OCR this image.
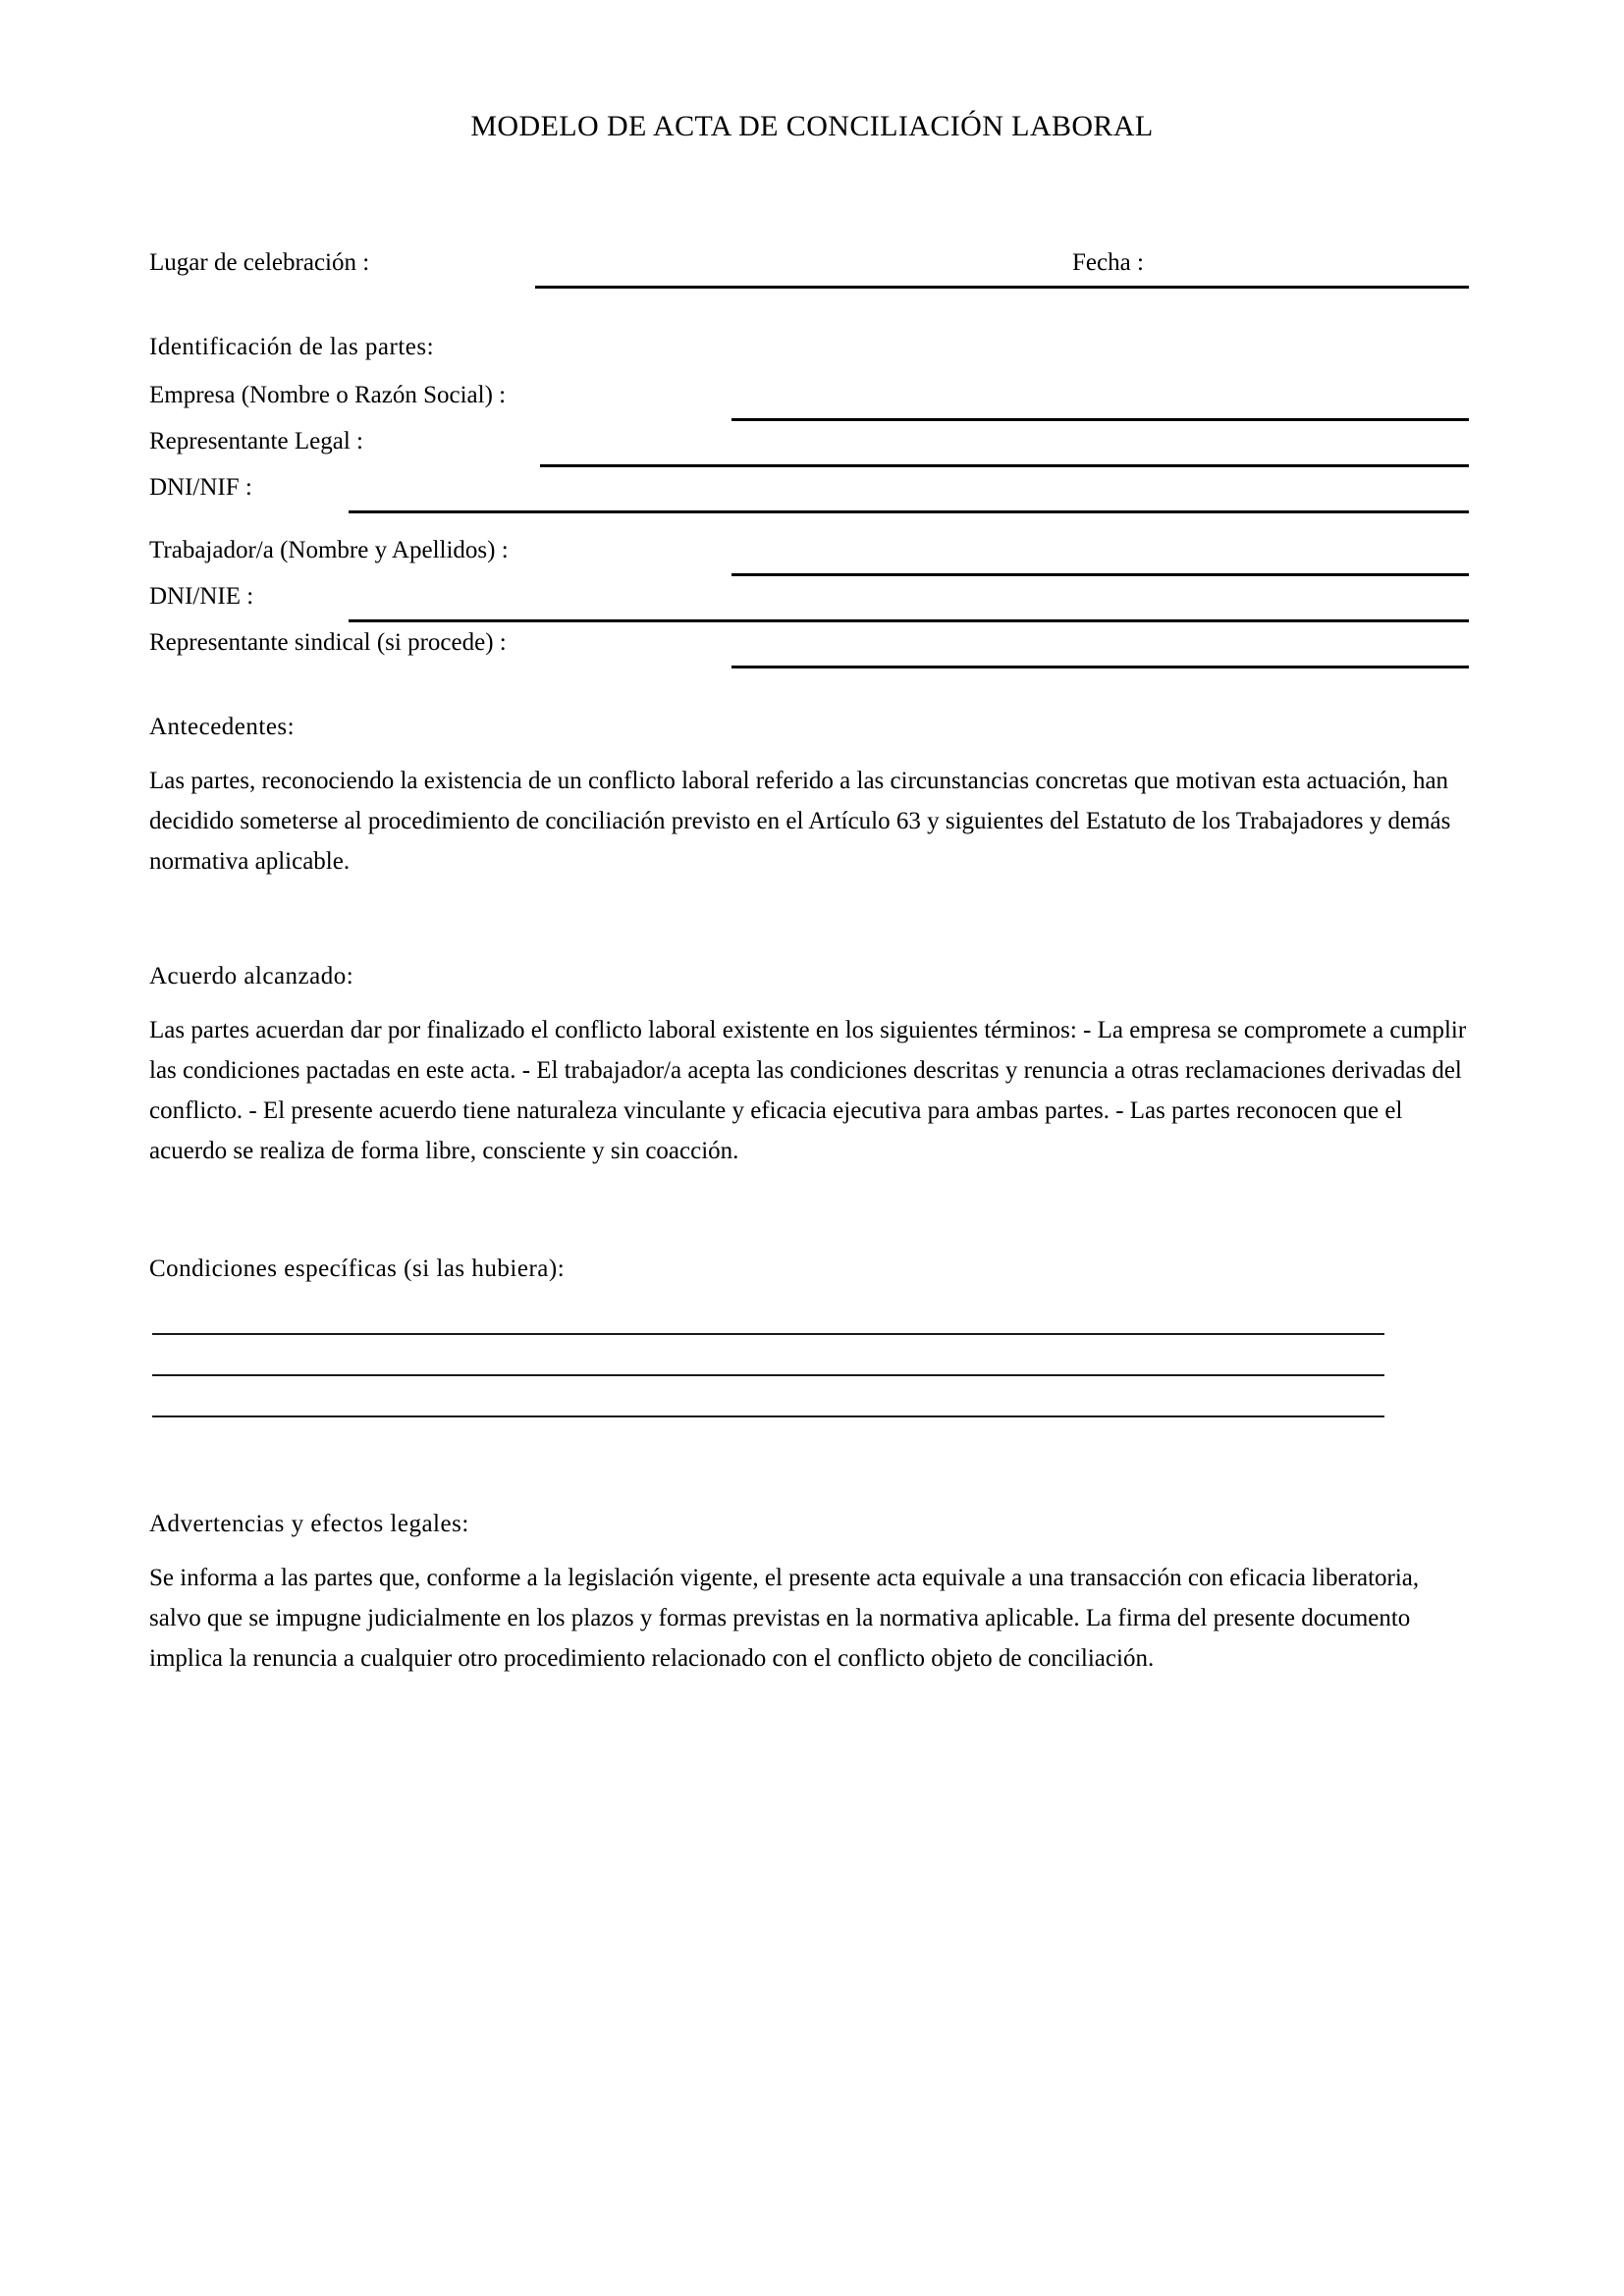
MODELO DE ACTA DE CONCILIACIÓN LABORAL
Lugar de celebración :	Fecha :
Identificación de las partes:
Empresa (Nombre o Razón Social) :
Representante Legal :
DNI/NIF :
Trabajador/a (Nombre y Apellidos) :
DNI/NIE :
Representante sindical (si procede) :
Antecedentes:
Las partes, reconociendo la existencia de un conflicto laboral referido a las circunstancias concretas que motivan esta actuación, han decidido someterse al procedimiento de conciliación previsto en el Artículo 63 y siguientes del Estatuto de los Trabajadores y demás normativa aplicable.
Acuerdo alcanzado:
Las partes acuerdan dar por finalizado el conflicto laboral existente en los siguientes términos: - La empresa se compromete a cumplir las condiciones pactadas en este acta. - El trabajador/a acepta las condiciones descritas y renuncia a otras reclamaciones derivadas del conflicto. - El presente acuerdo tiene naturaleza vinculante y eficacia ejecutiva para ambas partes. - Las partes reconocen que el acuerdo se realiza de forma libre, consciente y sin coacción.
Condiciones específicas (si las hubiera):
Advertencias y efectos legales:
Se informa a las partes que, conforme a la legislación vigente, el presente acta equivale a una transacción con eficacia liberatoria, salvo que se impugne judicialmente en los plazos y formas previstas en la normativa aplicable. La firma del presente documento implica la renuncia a cualquier otro procedimiento relacionado con el conflicto objeto de conciliación.
